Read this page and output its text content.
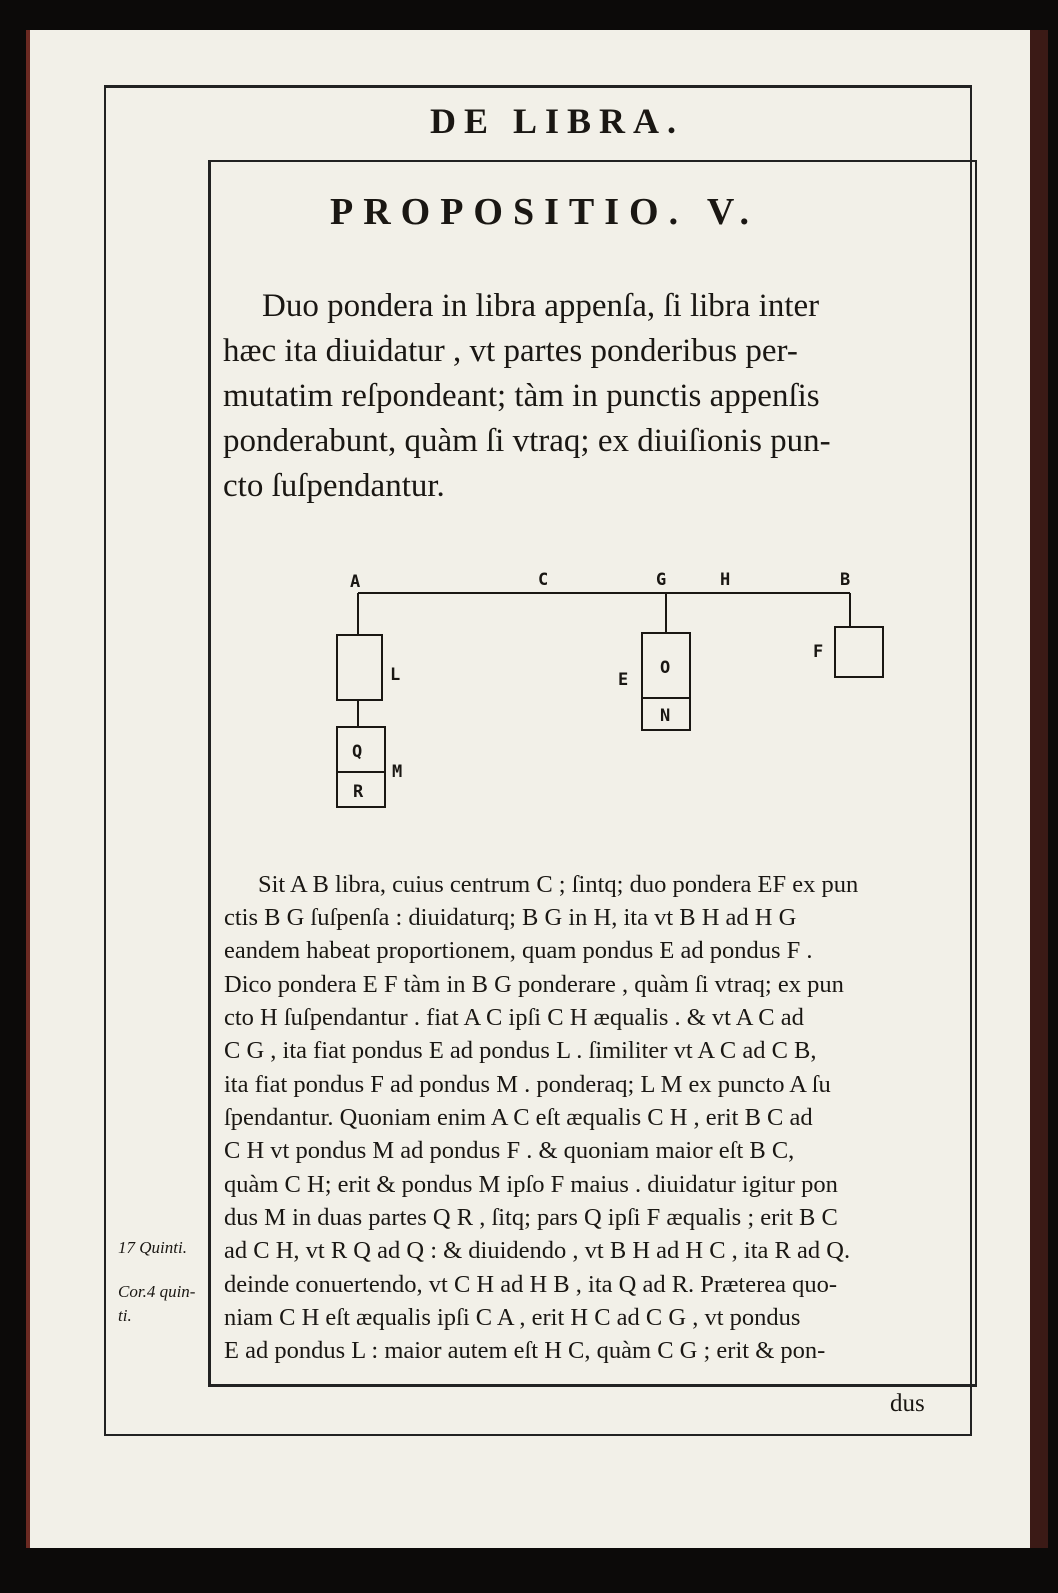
DE LIBRA.
PROPOSITIO. V.
Duo pondera in libra appenſa, ſi libra inter
hæc ita diuidatur , vt partes ponderibus per-
mutatim reſpondeant; tàm in punctis appenſis
ponderabunt, quàm ſi vtraq; ex diuiſionis pun-
cto ſuſpendantur.
A	C	G	H	B
L
Q
R
M
E
O
N
F
Sit A B libra, cuius centrum C ; ſintq; duo pondera EF ex pun
ctis B G ſuſpenſa : diuidaturq; B G in H, ita vt B H ad H G
eandem habeat proportionem, quam pondus E ad pondus F .
Dico pondera E F tàm in B G ponderare , quàm ſi vtraq; ex pun
cto H ſuſpendantur . fiat A C ipſi C H æqualis . & vt A C ad
C G , ita fiat pondus E ad pondus L . ſimiliter vt A C ad C B,
ita fiat pondus F ad pondus M . ponderaq; L M ex puncto A ſu
ſpendantur. Quoniam enim A C eſt æqualis C H , erit B C ad
C H vt pondus M ad pondus F . & quoniam maior eſt B C,
quàm C H; erit & pondus M ipſo F maius . diuidatur igitur pon
dus M in duas partes Q R , ſitq; pars Q ipſi F æqualis ; erit B C
ad C H, vt R Q ad Q : & diuidendo , vt B H ad H C , ita R ad Q.
deinde conuertendo, vt C H ad H B , ita Q ad R. Præterea quo-
niam C H eſt æqualis ipſi C A , erit H C ad C G , vt pondus
E ad pondus L : maior autem eſt H C, quàm C G ; erit & pon-
17 Quinti.
Cor.4 quin-
ti.
dus
